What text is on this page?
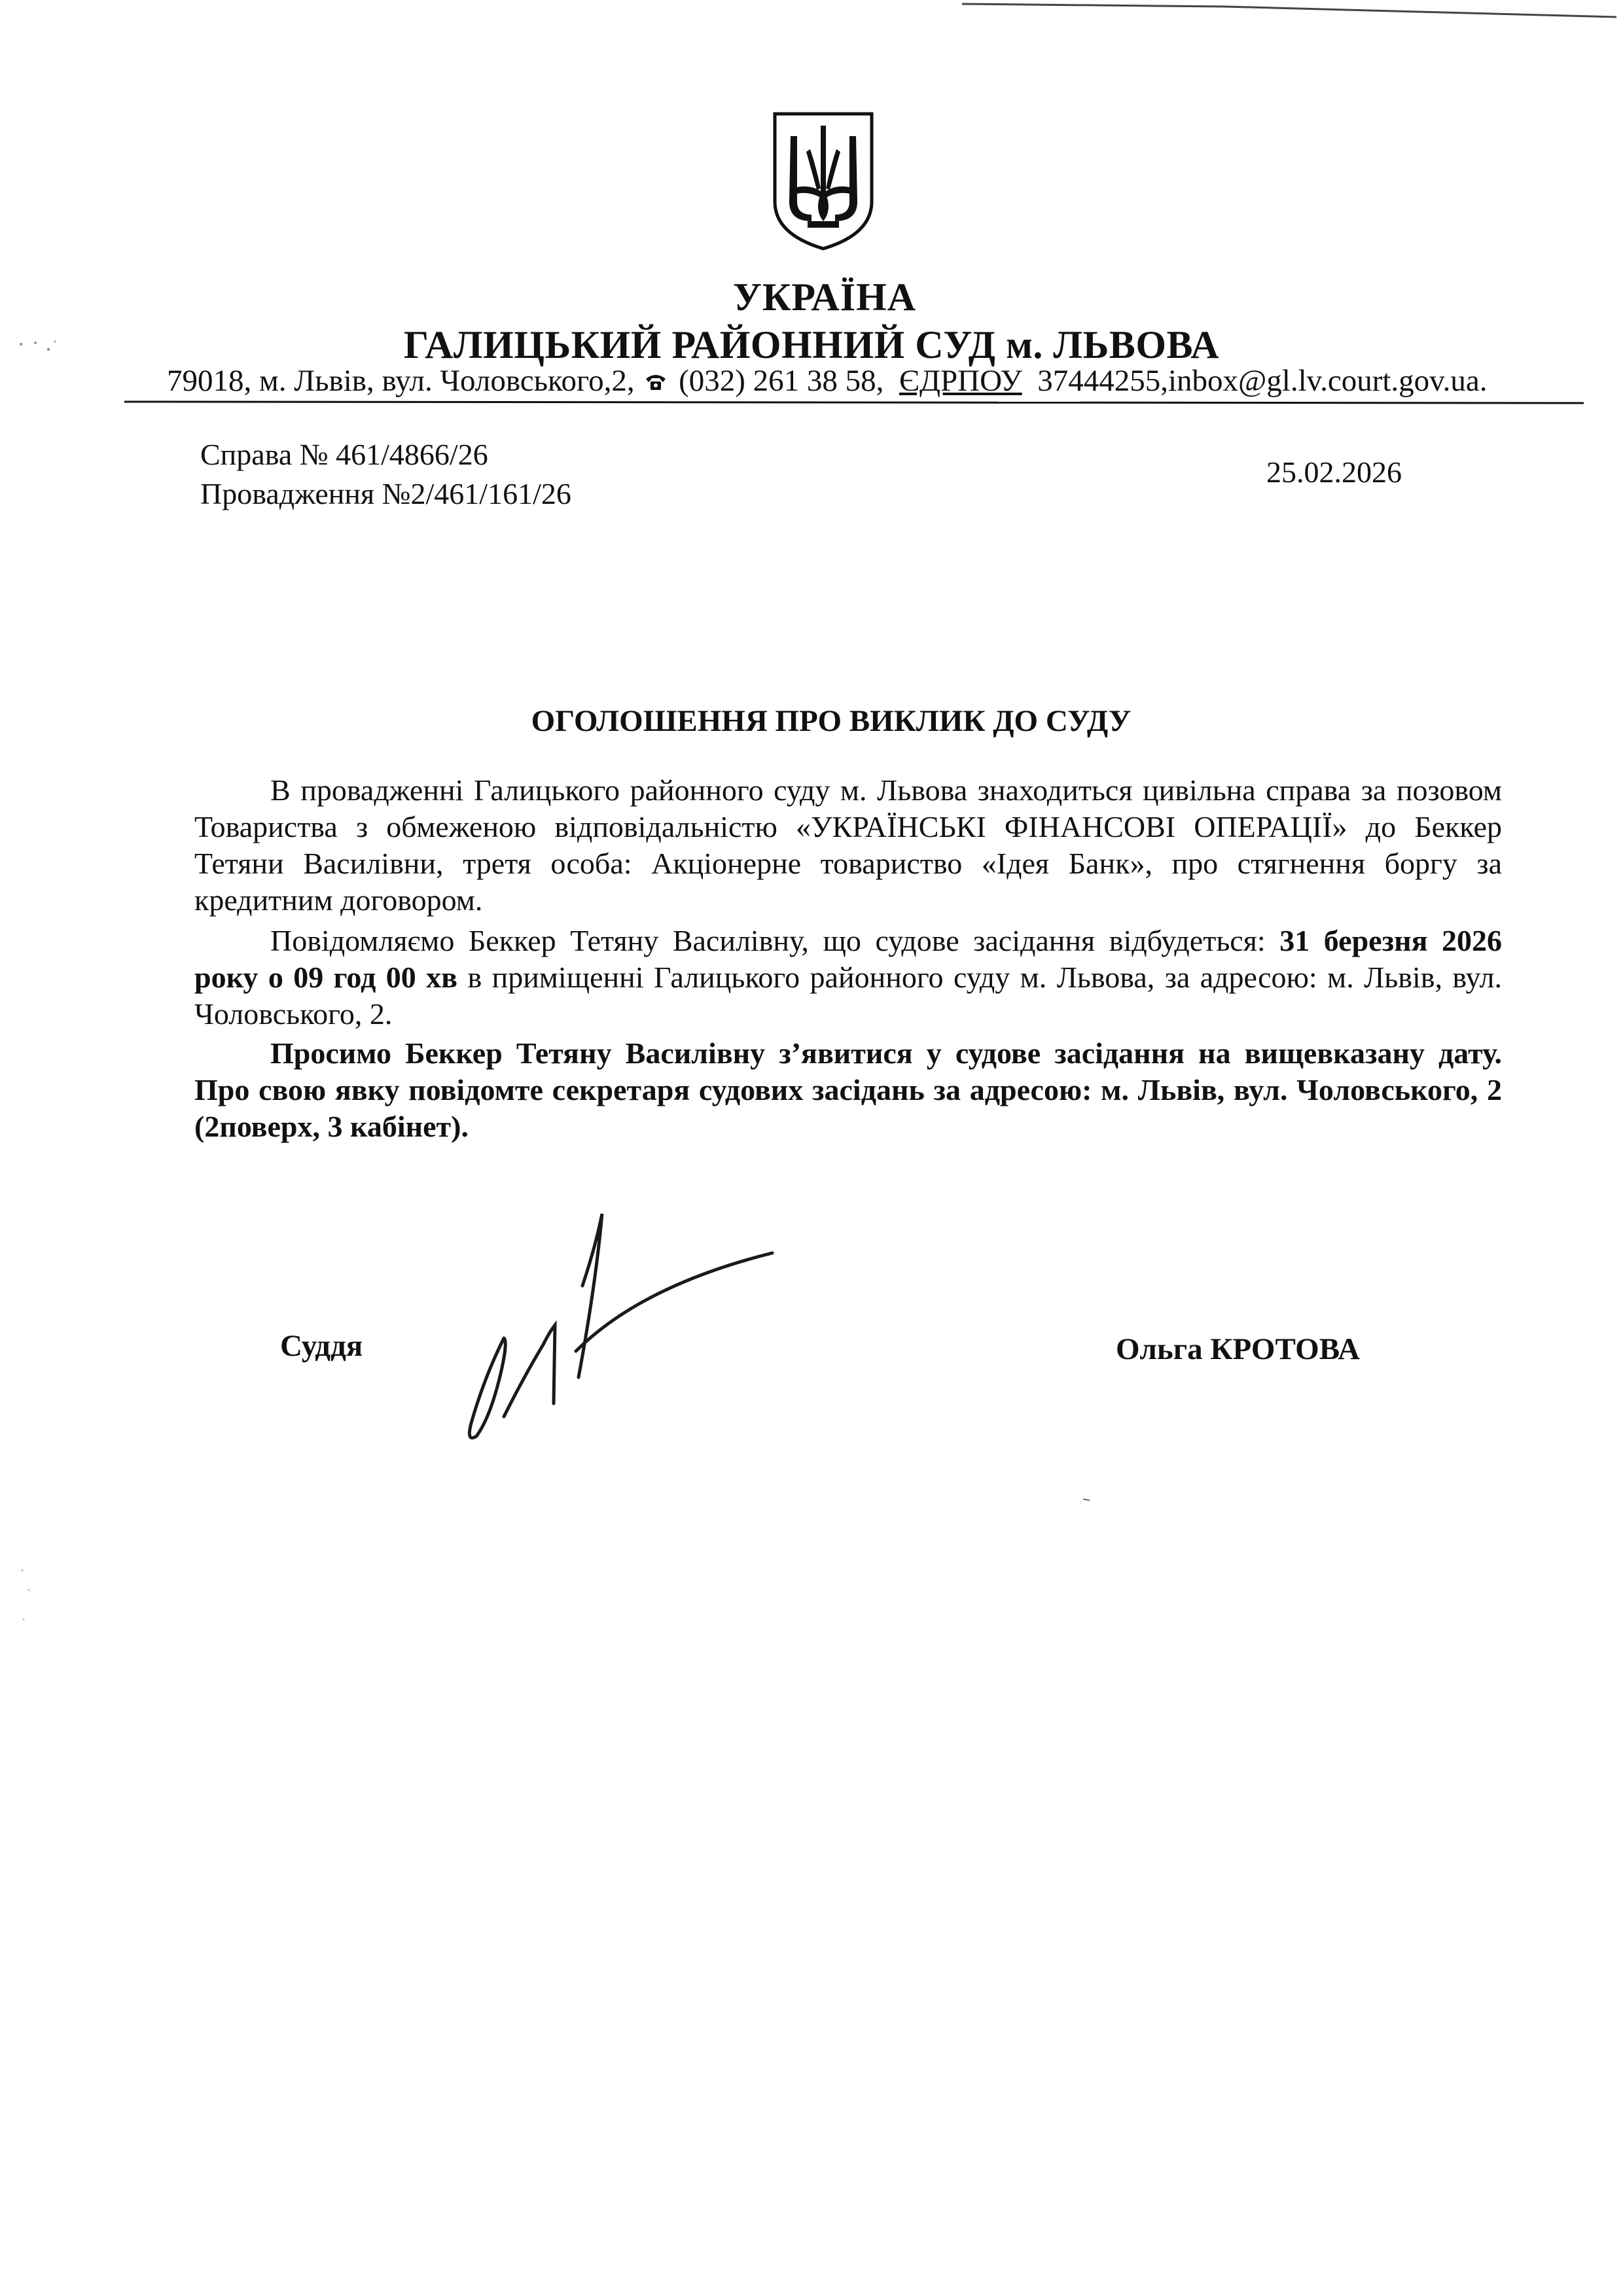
УКРАЇНА
ГАЛИЦЬКИЙ РАЙОННИЙ СУД м. ЛЬВОВА
79018, м. Львів, вул. Чоловського,2, (032) 261 38 58, ЄДРПОУ 37444255,inbox@gl.lv.court.gov.ua.
Справа № 461/4866/26
Провадження №2/461/161/26
25.02.2026
ОГОЛОШЕННЯ ПРО ВИКЛИК ДО СУДУ

В провадженні Галицького районного суду м. Львова знаходиться цивільна справа за позовом Товариства з обмеженою відповідальністю «УКРАЇНСЬКІ ФІНАНСОВІ ОПЕРАЦІЇ» до Беккер Тетяни Василівни, третя особа: Акціонерне товариство «Ідея Банк», про стягнення боргу за кредитним договором.

Повідомляємо Беккер Тетяну Василівну, що судове засідання відбудеться: 31 березня 2026 року о 09 год 00 хв в приміщенні Галицького районного суду м. Львова, за адресою: м. Львів, вул. Чоловського, 2.

Просимо Беккер Тетяну Василівну з’явитися у судове засідання на вищевказану дату. Про свою явку повідомте секретаря судових засідань за адресою: м. Львів, вул. Чоловського, 2 (2поверх, 3 кабінет).

Суддя	Ольга КРОТОВА
